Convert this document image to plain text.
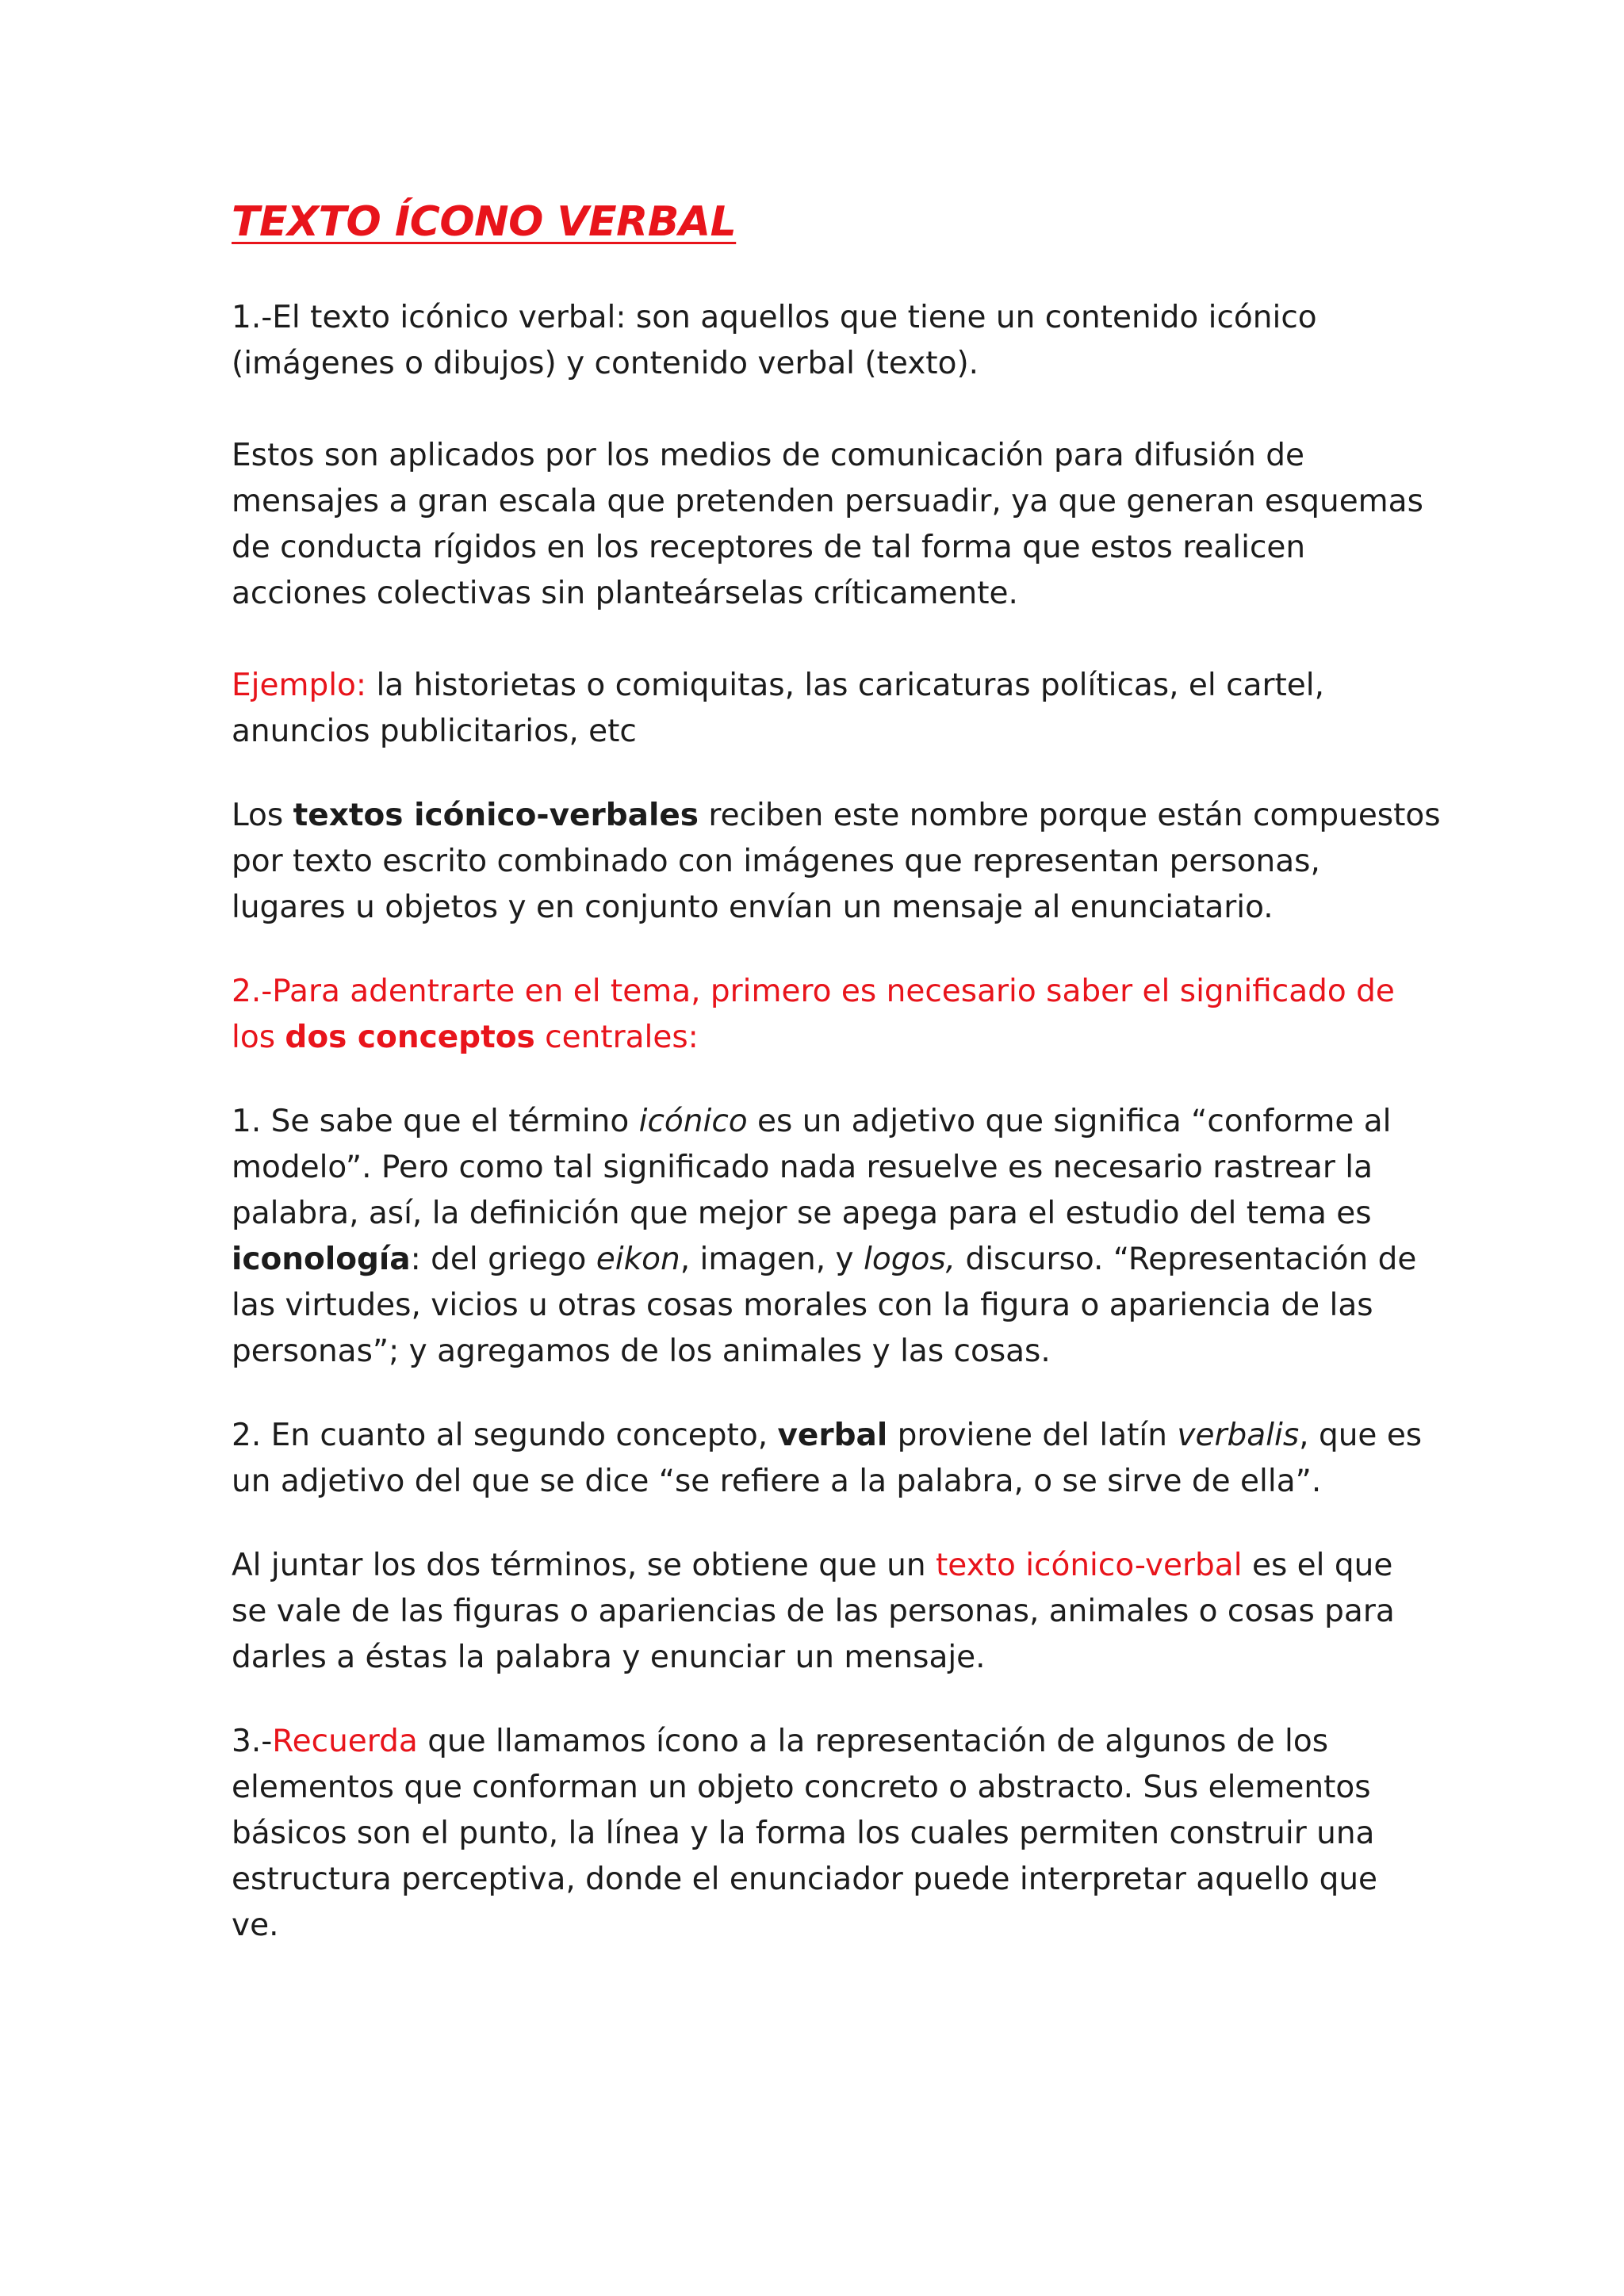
TEXTO ÍCONO VERBAL

1.-El texto icónico verbal: son aquellos que tiene un contenido icónico
(imágenes o dibujos) y contenido verbal (texto).

Estos son aplicados por los medios de comunicación para difusión de
mensajes a gran escala que pretenden persuadir, ya que generan esquemas
de conducta rígidos en los receptores de tal forma que estos realicen
acciones colectivas sin planteárselas críticamente.

Ejemplo: la historietas o comiquitas, las caricaturas políticas, el cartel,
anuncios publicitarios, etc

Los textos icónico-verbales reciben este nombre porque están compuestos
por texto escrito combinado con imágenes que representan personas,
lugares u objetos y en conjunto envían un mensaje al enunciatario.

2.-Para adentrarte en el tema, primero es necesario saber el significado de
los dos conceptos centrales:

1. Se sabe que el término icónico es un adjetivo que significa “conforme al
modelo”. Pero como tal significado nada resuelve es necesario rastrear la
palabra, así, la definición que mejor se apega para el estudio del tema es
iconología: del griego eikon, imagen, y logos, discurso. “Representación de
las virtudes, vicios u otras cosas morales con la figura o apariencia de las
personas”; y agregamos de los animales y las cosas.

2. En cuanto al segundo concepto, verbal proviene del latín verbalis, que es
un adjetivo del que se dice “se refiere a la palabra, o se sirve de ella”.

Al juntar los dos términos, se obtiene que un texto icónico-verbal es el que
se vale de las figuras o apariencias de las personas, animales o cosas para
darles a éstas la palabra y enunciar un mensaje.

3.-Recuerda que llamamos ícono a la representación de algunos de los
elementos que conforman un objeto concreto o abstracto. Sus elementos
básicos son el punto, la línea y la forma los cuales permiten construir una
estructura perceptiva, donde el enunciador puede interpretar aquello que
ve.
